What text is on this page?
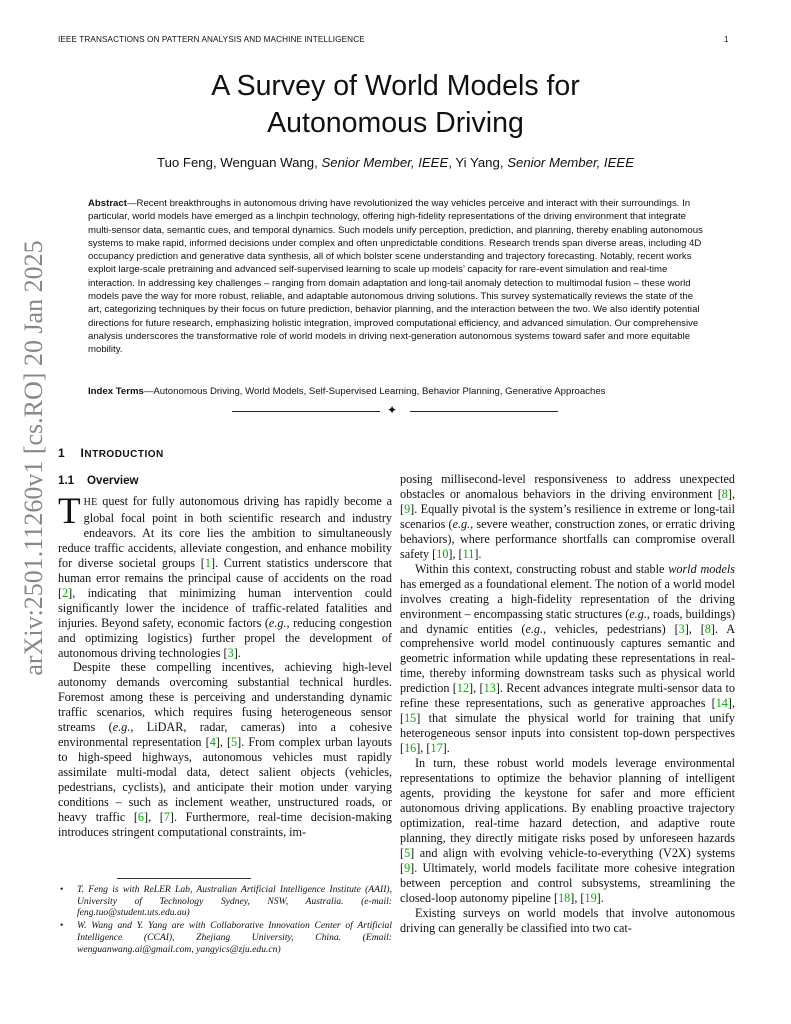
IEEE TRANSACTIONS ON PATTERN ANALYSIS AND MACHINE INTELLIGENCE	1
arXiv:2501.11260v1 [cs.RO] 20 Jan 2025
A Survey of World Models for
Autonomous Driving
Tuo Feng, Wenguan Wang, Senior Member, IEEE, Yi Yang, Senior Member, IEEE
Abstract—Recent breakthroughs in autonomous driving have revolutionized the way vehicles perceive and interact with their surroundings. In particular, world models have emerged as a linchpin technology, offering high-fidelity representations of the driving environment that integrate multi-sensor data, semantic cues, and temporal dynamics. Such models unify perception, prediction, and planning, thereby enabling autonomous systems to make rapid, informed decisions under complex and often unpredictable conditions. Research trends span diverse areas, including 4D occupancy prediction and generative data synthesis, all of which bolster scene understanding and trajectory forecasting. Notably, recent works exploit large-scale pretraining and advanced self-supervised learning to scale up models’ capacity for rare-event simulation and real-time interaction. In addressing key challenges – ranging from domain adaptation and long-tail anomaly detection to multimodal fusion – these world models pave the way for more robust, reliable, and adaptable autonomous driving solutions. This survey systematically reviews the state of the art, categorizing techniques by their focus on future prediction, behavior planning, and the interaction between the two. We also identify potential directions for future research, emphasizing holistic integration, improved computational efficiency, and advanced simulation. Our comprehensive analysis underscores the transformative role of world models in driving next-generation autonomous systems toward safer and more equitable mobility.
Index Terms—Autonomous Driving, World Models, Self-Supervised Learning, Behavior Planning, Generative Approaches
✦
1 INTRODUCTION
1.1 Overview

THE quest for fully autonomous driving has rapidly become a global focal point in both scientific research and industry endeavors. At its core lies the ambition to simultaneously reduce traffic accidents, alleviate congestion, and enhance mobility for diverse societal groups [1]. Current statistics underscore that human error remains the principal cause of accidents on the road [2], indicating that minimizing human intervention could significantly lower the incidence of traffic-related fatalities and injuries. Beyond safety, economic factors (e.g., reducing congestion and optimizing logistics) further propel the development of autonomous driving technologies [3].

Despite these compelling incentives, achieving high-level autonomy demands overcoming substantial technical hurdles. Foremost among these is perceiving and understanding dynamic traffic scenarios, which requires fusing heterogeneous sensor streams (e.g., LiDAR, radar, cameras) into a cohesive environmental representation [4], [5]. From complex urban layouts to high-speed highways, autonomous vehicles must rapidly assimilate multi-modal data, detect salient objects (vehicles, pedestrians, cyclists), and anticipate their motion under varying conditions – such as inclement weather, unstructured roads, or heavy traffic [6], [7]. Furthermore, real-time decision-making introduces stringent computational constraints, im-

posing millisecond-level responsiveness to address unexpected obstacles or anomalous behaviors in the driving environment [8], [9]. Equally pivotal is the system’s resilience in extreme or long-tail scenarios (e.g., severe weather, construction zones, or erratic driving behaviors), where performance shortfalls can compromise overall safety [10], [11].

Within this context, constructing robust and stable world models has emerged as a foundational element. The notion of a world model involves creating a high-fidelity representation of the driving environment – encompassing static structures (e.g., roads, buildings) and dynamic entities (e.g., vehicles, pedestrians) [3], [8]. A comprehensive world model continuously captures semantic and geometric information while updating these representations in real-time, thereby informing downstream tasks such as physical world prediction [12], [13]. Recent advances integrate multi-sensor data to refine these representations, such as generative approaches [14], [15] that simulate the physical world for training that unify heterogeneous sensor inputs into consistent top-down perspectives [16], [17].

In turn, these robust world models leverage environmental representations to optimize the behavior planning of intelligent agents, providing the keystone for safer and more efficient autonomous driving applications. By enabling proactive trajectory optimization, real-time hazard detection, and adaptive route planning, they directly mitigate risks posed by unforeseen hazards [5] and align with evolving vehicle-to-everything (V2X) systems [9]. Ultimately, world models facilitate more cohesive integration between perception and control subsystems, streamlining the closed-loop autonomy pipeline [18], [19].

Existing surveys on world models that involve autonomous driving can generally be classified into two cat-

• T. Feng is with ReLER Lab, Australian Artificial Intelligence Institute (AAII), University of Technology Sydney, NSW, Australia. (e-mail: feng.tuo@student.uts.edu.au)
• W. Wang and Y. Yang are with Collaborative Innovation Center of Artificial Intelligence (CCAI), Zhejiang University, China. (Email: wenguanwang.ai@gmail.com, yangyics@zju.edu.cn)
